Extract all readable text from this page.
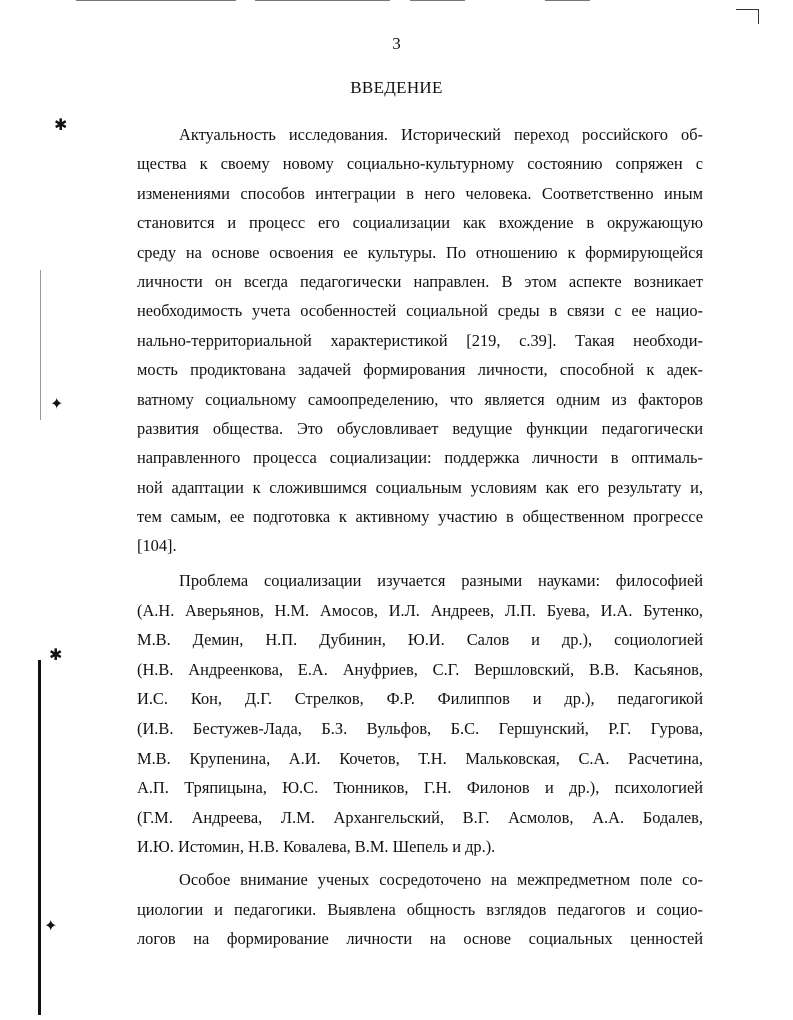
✱
✦
✱
✦
3
ВВЕДЕНИЕ
Актуальность исследования. Исторический переход российского об-
щества к своему новому социально-культурному состоянию сопряжен с
изменениями способов интеграции в него человека. Соответственно иным
становится и процесс его социализации как вхождение в окружающую
среду на основе освоения ее культуры. По отношению к формирующейся
личности он всегда педагогически направлен. В этом аспекте возникает
необходимость учета особенностей социальной среды в связи с ее нацио-
нально-территориальной характеристикой [219, с.39]. Такая необходи-
мость продиктована задачей формирования личности, способной к адек-
ватному социальному самоопределению, что является одним из факторов
развития общества. Это обусловливает ведущие функции педагогически
направленного процесса социализации: поддержка личности в оптималь-
ной адаптации к сложившимся социальным условиям как его результату и,
тем самым, ее подготовка к активному участию в общественном прогрессе
[104].
Проблема социализации изучается разными науками: философией
(А.Н. Аверьянов, Н.М. Амосов, И.Л. Андреев, Л.П. Буева, И.А. Бутенко,
М.В. Демин, Н.П. Дубинин, Ю.И. Салов и др.), социологией
(Н.В. Андреенкова, Е.А. Ануфриев, С.Г. Вершловский, В.В. Касьянов,
И.С. Кон, Д.Г. Стрелков, Ф.Р. Филиппов и др.), педагогикой
(И.В. Бестужев-Лада, Б.З. Вульфов, Б.С. Гершунский, Р.Г. Гурова,
М.В. Крупенина, А.И. Кочетов, Т.Н. Мальковская, С.А. Расчетина,
А.П. Тряпицына, Ю.С. Тюнников, Г.Н. Филонов и др.), психологией
(Г.М. Андреева, Л.М. Архангельский, В.Г. Асмолов, А.А. Бодалев,
И.Ю. Истомин, Н.В. Ковалева, В.М. Шепель и др.).
Особое внимание ученых сосредоточено на межпредметном поле со-
циологии и педагогики. Выявлена общность взглядов педагогов и социо-
логов на формирование личности на основе социальных ценностей
